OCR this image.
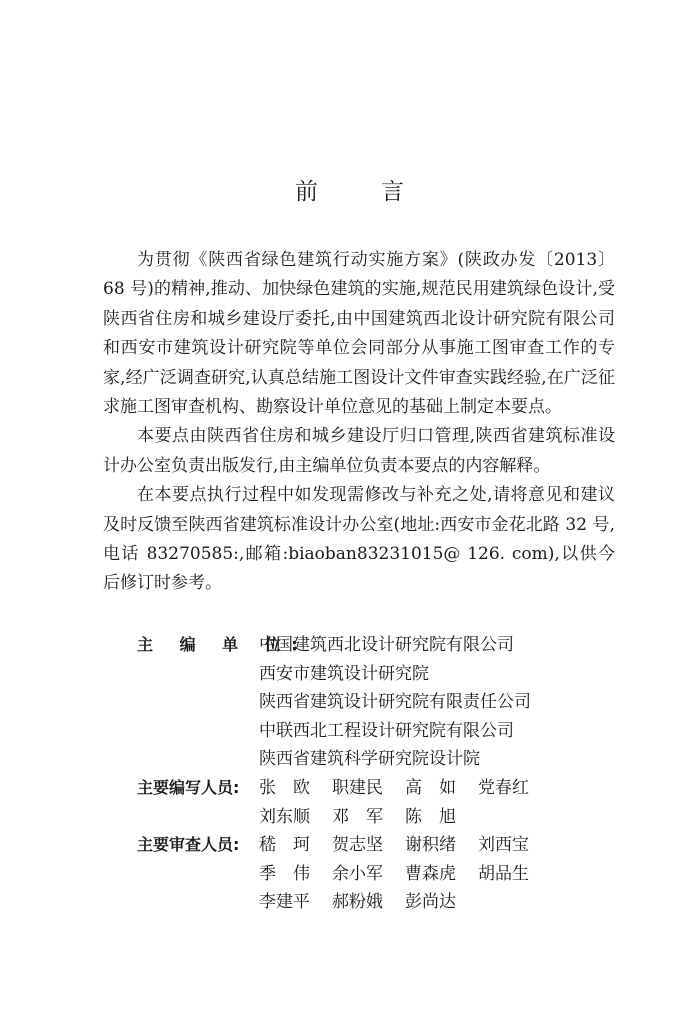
前　言

为贯彻《陕西省绿色建筑行动实施方案》(陕政办发〔2013〕68 号)的精神,推动、加快绿色建筑的实施,规范民用建筑绿色设计,受陕西省住房和城乡建设厅委托,由中国建筑西北设计研究院有限公司和西安市建筑设计研究院等单位会同部分从事施工图审查工作的专家,经广泛调查研究,认真总结施工图设计文件审查实践经验,在广泛征求施工图审查机构、勘察设计单位意见的基础上制定本要点。

本要点由陕西省住房和城乡建设厅归口管理,陕西省建筑标准设计办公室负责出版发行,由主编单位负责本要点的内容解释。

在本要点执行过程中如发现需修改与补充之处,请将意见和建议及时反馈至陕西省建筑标准设计办公室(地址:西安市金花北路 32 号,电话 83270585:,邮箱:biaoban83231015@ 126. com),以供今后修订时参考。

主 编 单 位:
中国建筑西北设计研究院有限公司
西安市建筑设计研究院
陕西省建筑设计研究院有限责任公司
中联西北工程设计研究院有限公司
陕西省建筑科学研究院设计院
主要编写人员:	张　欧	职建民	高　如	党春红
刘东顺	邓　军	陈　旭
主要审查人员:	嵇　珂	贺志坚	谢积绪	刘西宝
季　伟	余小军	曹森虎	胡品生
李建平	郝粉娥	彭尚达
